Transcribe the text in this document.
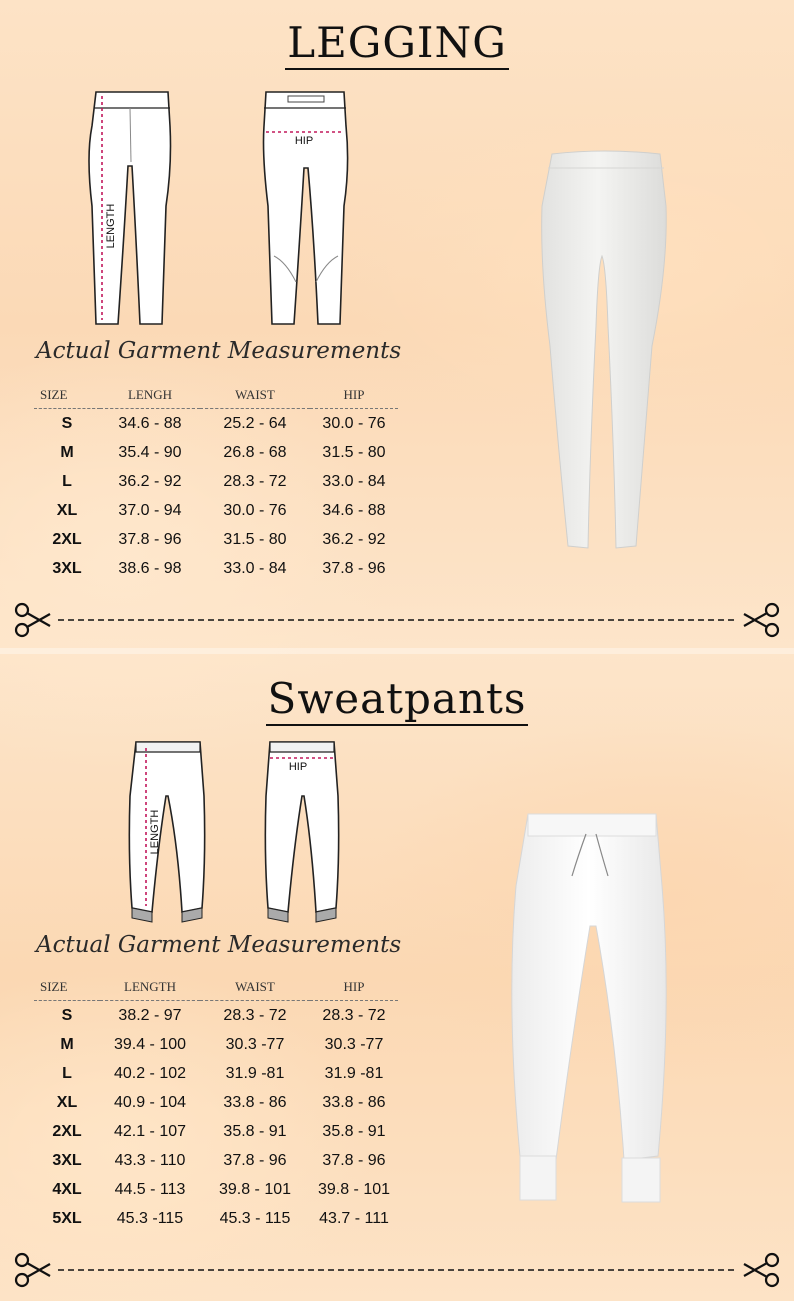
LEGGING
LENGTH
HIP
Actual Garment Measurements
SIZE	LENGH	WAIST	HIP
S	34.6 - 88	25.2 - 64	30.0 - 76
M	35.4 - 90	26.8 - 68	31.5 - 80
L	36.2 - 92	28.3 - 72	33.0 - 84
XL	37.0 - 94	30.0 - 76	34.6 - 88
2XL	37.8 - 96	31.5 - 80	36.2 - 92
3XL	38.6 - 98	33.0 - 84	37.8 - 96
Sweatpants
LENGTH
HIP
Actual Garment Measurements
SIZE	LENGTH	WAIST	HIP
S	38.2 - 97	28.3 - 72	28.3 - 72
M	39.4 - 100	30.3 -77	30.3 -77
L	40.2 - 102	31.9 -81	31.9 -81
XL	40.9 - 104	33.8 - 86	33.8 - 86
2XL	42.1 - 107	35.8 - 91	35.8 - 91
3XL	43.3 - 110	37.8 - 96	37.8 - 96
4XL	44.5 - 113	39.8 - 101	39.8 - 101
5XL	45.3 -115	45.3 - 115	43.7 - 111
